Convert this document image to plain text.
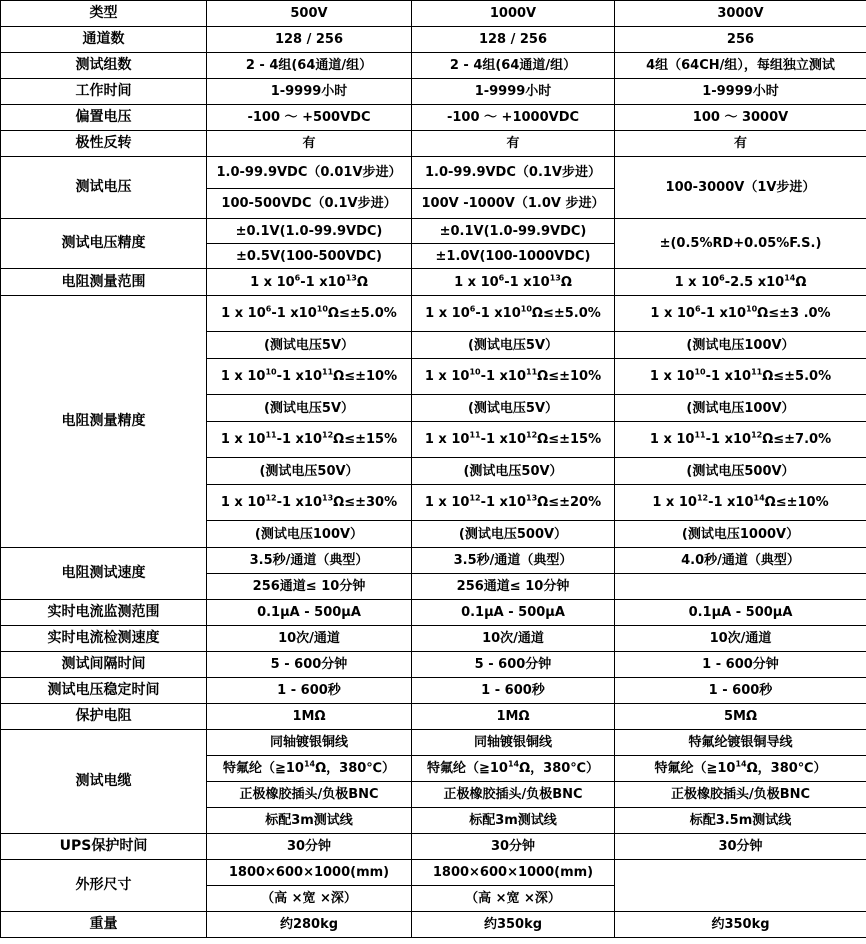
类型	500V	1000V	3000V
通道数	128 / 256	128 / 256	256
测试组数	2 - 4组(64通道/组）	2 - 4组(64通道/组）	4组（64CH/组），每组独立测试
工作时间	1-9999小时	1-9999小时	1-9999小时
偏置电压	-100 ～ +500VDC	-100 ～ +1000VDC	100 ～ 3000V
极性反转	有	有	有
测试电压	1.0-99.9VDC（0.01V步进）	1.0-99.9VDC（0.1V步进）	100-3000V（1V步进）
	100-500VDC（0.1V步进）	100V -1000V（1.0V 步进）	
测试电压精度	±0.1V(1.0-99.9VDC)	±0.1V(1.0-99.9VDC)	±(0.5%RD+0.05%F.S.)
	±0.5V(100-500VDC)	±1.0V(100-1000VDC)	
电阻测量范围	1 x $10^6-1$ $x10^{13}\Omega$	1 x $10^6-1$ $x10^{13}\Omega$	1 x $10^6-2.5$ $x10^{14}\Omega$
电阻测量精度	1 x $10^6-1$ $x10^{10}\Omega\le\pm 5.0\%$	1 x $10^6-1$ $x10^{10}\Omega\le\pm 5.0\%$	1 x $10^6-1$ $x10^{10}\Omega\le\pm 3$ .0%
	(测试电压5V）	(测试电压5V）	(测试电压100V）
	1 x $10^{10}-1$ $x10^{11}\Omega\le\pm 10\%$	1 x $10^{10}-1$ $x10^{11}\Omega\le\pm 10\%$	1 x $10^{10}-1$ $x10^{11}\Omega\le\pm 5.0\%$
	(测试电压5V）	(测试电压5V）	(测试电压100V）
	1 x $10^{11}-1$ $x10^{12}\Omega\le\pm 15\%$	1 x $10^{11}-1$ $x10^{12}\Omega\le\pm 15\%$	1 x $10^{11}-1$ $x10^{12}\Omega\le\pm 7.0\%$
	(测试电压50V）	(测试电压50V）	(测试电压500V）
	1 x $10^{12}-1$ $x10^{13}\Omega\le\pm 30\%$	1 x $10^{12}-1$ $x10^{13}\Omega\le\pm 20\%$	1 x $10^{12}-1$ $x10^{14}\Omega\le\pm 10\%$
	(测试电压100V）	(测试电压500V）	(测试电压1000V）
电阻测试速度	3.5秒/通道（典型）	3.5秒/通道（典型）	4.0秒/通道（典型）
	256通道≤ 10分钟	256通道≤ 10分钟	
实时电流监测范围	0.1μA - 500μA	0.1μA - 500μA	0.1μA - 500μA
实时电流检测速度	10次/通道	10次/通道	10次/通道
测试间隔时间	5 - 600分钟	5 - 600分钟	1 - 600分钟
测试电压稳定时间	1 - 600秒	1 - 600秒	1 - 600秒
保护电阻	1MΩ	1MΩ	5MΩ
测试电缆	同轴镀银铜线	同轴镀银铜线	特氟纶镀银铜导线
	特氟纶（$≧10^{14}\Omega$，380℃）	特氟纶（$≧10^{14}\Omega$，380℃）	特氟纶（$≧10^{14}\Omega$，380℃）
	正极橡胶插头/负极BNC	正极橡胶插头/负极BNC	正极橡胶插头/负极BNC
	标配3m测试线	标配3m测试线	标配3.5m测试线
UPS保护时间	30分钟	30分钟	30分钟
外形尺寸	1800×600×1000(mm)	1800×600×1000(mm)	
	（高 ×宽 ×深）	（高 ×宽 ×深）	
重量	约280kg	约350kg	约350kg
